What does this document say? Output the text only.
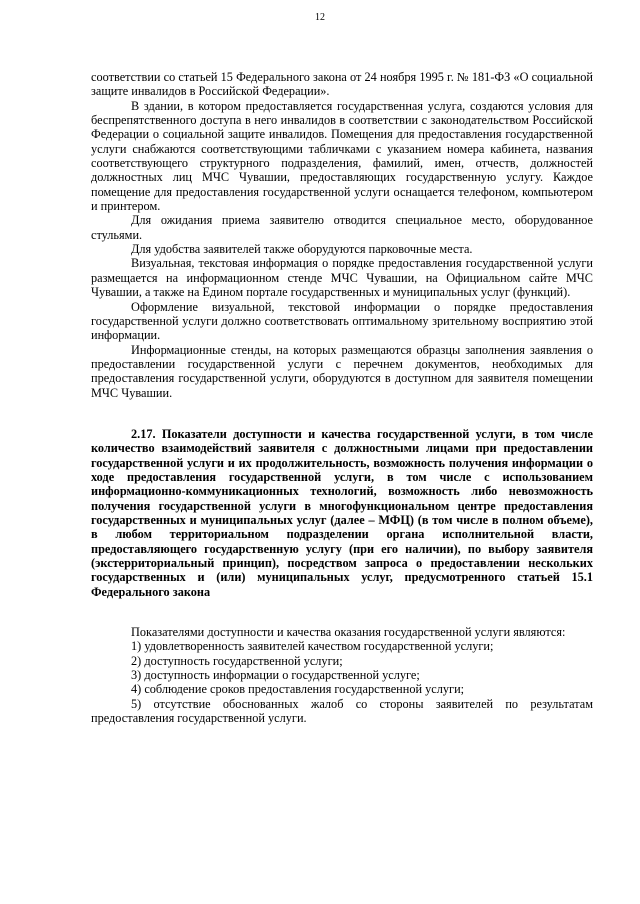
12

соответствии со статьей 15 Федерального закона от 24 ноября 1995 г. № 181-ФЗ «О социальной защите инвалидов в Российской Федерации».

В здании, в котором предоставляется государственная услуга, создаются условия для беспрепятственного доступа в него инвалидов в соответствии с законодательством Российской Федерации о социальной защите инвалидов. Помещения для предоставления государственной услуги снабжаются соответствующими табличками с указанием номера кабинета, названия соответствующего структурного подразделения, фамилий, имен, отчеств, должностей должностных лиц МЧС Чувашии, предоставляющих государственную услугу. Каждое помещение для предоставления государственной услуги оснащается телефоном, компьютером и принтером.

Для ожидания приема заявителю отводится специальное место, оборудованное стульями.

Для удобства заявителей также оборудуются парковочные места.

Визуальная, текстовая информация о порядке предоставления государственной услуги размещается на информационном стенде МЧС Чувашии, на Официальном сайте МЧС Чувашии, а также на Едином портале государственных и муниципальных услуг (функций).

Оформление визуальной, текстовой информации о порядке предоставления государственной услуги должно соответствовать оптимальному зрительному восприятию этой информации.

Информационные стенды, на которых размещаются образцы заполнения заявления о предоставлении государственной услуги с перечнем документов, необходимых для предоставления государственной услуги, оборудуются в доступном для заявителя помещении МЧС Чувашии.

2.17. Показатели доступности и качества государственной услуги, в том числе количество взаимодействий заявителя с должностными лицами при предоставлении государственной услуги и их продолжительность, возможность получения информации о ходе предоставления государственной услуги, в том числе с использованием информационно-коммуникационных технологий, возможность либо невозможность получения государственной услуги в многофункциональном центре предоставления государственных и муниципальных услуг (далее – МФЦ) (в том числе в полном объеме), в любом территориальном подразделении органа исполнительной власти, предоставляющего государственную услугу (при его наличии), по выбору заявителя (экстерриториальный принцип), посредством запроса о предоставлении нескольких государственных и (или) муниципальных услуг, предусмотренного статьей 15.1 Федерального закона

Показателями доступности и качества оказания государственной услуги являются:

1) удовлетворенность заявителей качеством государственной услуги;
2) доступность государственной услуги;
3) доступность информации о государственной услуге;
4) соблюдение сроков предоставления государственной услуги;
5) отсутствие обоснованных жалоб со стороны заявителей по результатам предоставления государственной услуги.
